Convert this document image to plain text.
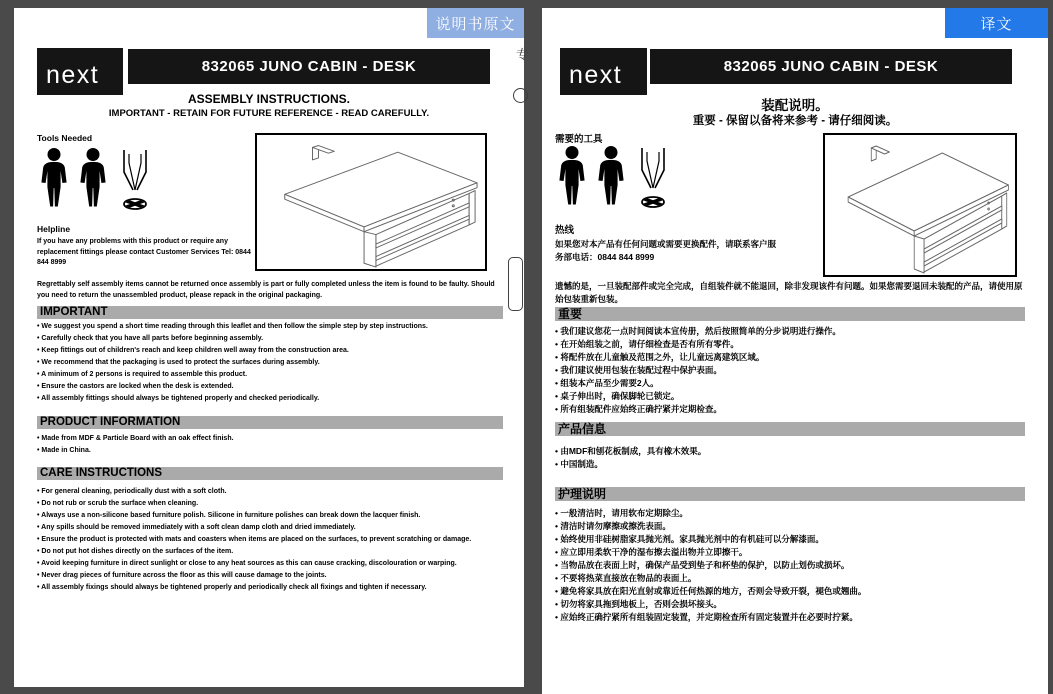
说明书原文
next	832065 JUNO CABIN - DESK
ASSEMBLY INSTRUCTIONS.
IMPORTANT - RETAIN FOR FUTURE REFERENCE - READ CAREFULLY.
Tools Needed
Helpline
If you have any problems with this product or require any replacement fittings please contact Customer Services Tel: 0844 844 8999
Regrettably self assembly items cannot be returned once assembly is part or fully completed unless the item is found to be faulty. Should you need to return the unassembled product, please repack in the original packaging.
IMPORTANT
• We suggest you spend a short time reading through this leaflet and then follow the simple step by step instructions.
• Carefully check that you have all parts before beginning assembly.
• Keep fittings out of children's reach and keep children well away from the construction area.
• We recommend that the packaging is used to protect the surfaces during assembly.
• A minimum of 2 persons is required to assemble this product.
• Ensure the castors are locked when the desk is extended.
• All assembly fittings should always be tightened properly and checked periodically.
PRODUCT INFORMATION
• Made from MDF & Particle Board with an oak effect finish.
• Made in China.
CARE INSTRUCTIONS
• For general cleaning, periodically dust with a soft cloth.
• Do not rub or scrub the surface when cleaning.
• Always use a non-silicone based furniture polish. Silicone in furniture polishes can break down the lacquer finish.
• Any spills should be removed immediately with a soft clean damp cloth and dried immediately.
• Ensure the product is protected with mats and coasters when items are placed on the surfaces, to prevent scratching or damage.
• Do not put hot dishes directly on the surfaces of the item.
• Avoid keeping furniture in direct sunlight or close to any heat sources as this can cause cracking, discolouration or warping.
• Never drag pieces of furniture across the floor as this will cause damage to the joints.
• All assembly fixings should always be tightened properly and periodically check all fixings and tighten if necessary.
译文
next	832065 JUNO CABIN - DESK
装配说明。
重要 - 保留以备将来参考 - 请仔细阅读。
需要的工具
热线
如果您对本产品有任何问题或需要更换配件，请联系客户服务部电话：0844 844 8999
遗憾的是，一旦装配部件或完全完成，自组装件就不能退回，除非发现该件有问题。如果您需要退回未装配的产品，请使用原始包装重新包装。
重要
• 我们建议您花一点时间阅读本宣传册，然后按照简单的分步说明进行操作。
• 在开始组装之前，请仔细检查是否有所有零件。
• 将配件放在儿童触及范围之外，让儿童远离建筑区域。
• 我们建议使用包装在装配过程中保护表面。
• 组装本产品至少需要2人。
• 桌子伸出时，确保脚轮已锁定。
• 所有组装配件应始终正确拧紧并定期检查。
产品信息
• 由MDF和刨花板制成，具有橡木效果。
• 中国制造。
护理说明
• 一般清洁时，请用软布定期除尘。
• 清洁时请勿摩擦或擦洗表面。
• 始终使用非硅树脂家具抛光剂。家具抛光剂中的有机硅可以分解漆面。
• 应立即用柔软干净的湿布擦去溢出物并立即擦干。
• 当物品放在表面上时，确保产品受到垫子和杯垫的保护，以防止划伤或损坏。
• 不要将热菜直接放在物品的表面上。
• 避免将家具放在阳光直射或靠近任何热源的地方，否则会导致开裂，褪色或翘曲。
• 切勿将家具拖到地板上，否则会损坏接头。
• 应始终正确拧紧所有组装固定装置，并定期检查所有固定装置并在必要时拧紧。
专
